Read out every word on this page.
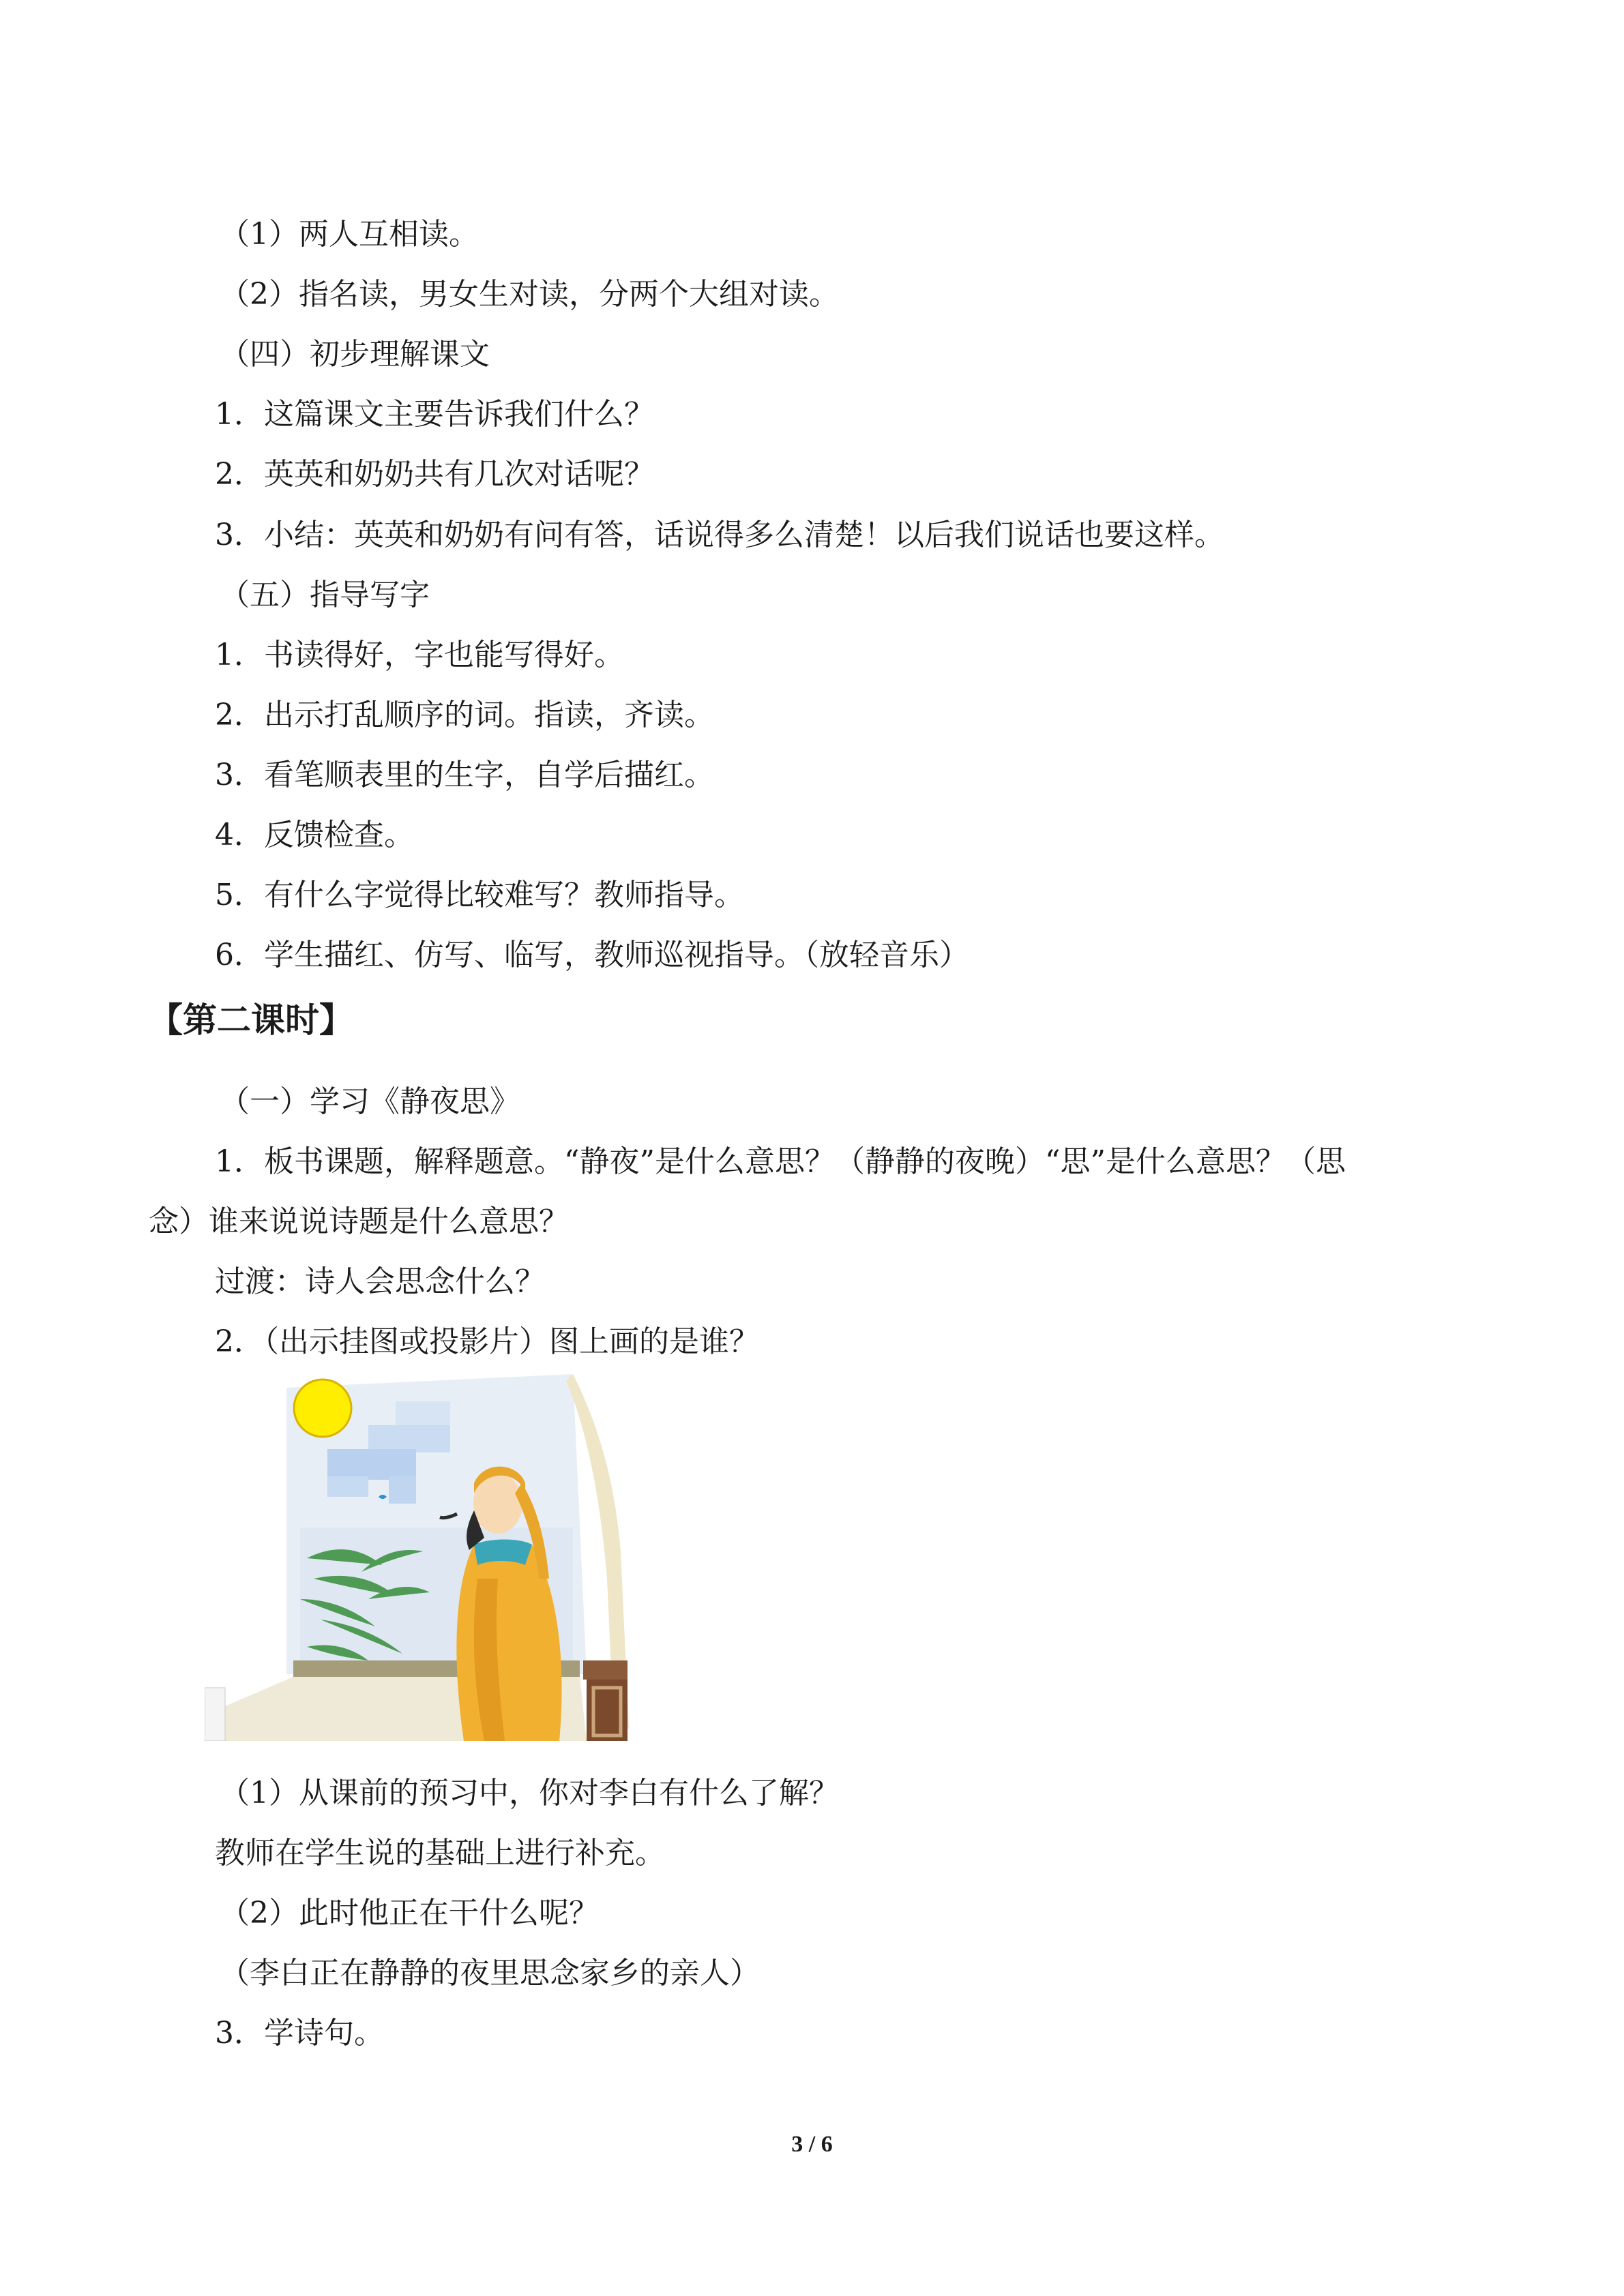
（1）两人互相读。
（2）指名读，男女生对读，分两个大组对读。
（四）初步理解课文
1．这篇课文主要告诉我们什么？
2．英英和奶奶共有几次对话呢？
3．小结：英英和奶奶有问有答，话说得多么清楚！以后我们说话也要这样。
（五）指导写字
1．书读得好，字也能写得好。
2．出示打乱顺序的词。指读，齐读。
3．看笔顺表里的生字，自学后描红。
4．反馈检查。
5．有什么字觉得比较难写？教师指导。
6．学生描红、仿写、临写，教师巡视指导。（放轻音乐）
【第二课时】
（一）学习《静夜思》
1．板书课题，解释题意。“静夜”是什么意思？（静静的夜晚）“思”是什么意思？（思
念）谁来说说诗题是什么意思？
过渡：诗人会思念什么？
2．（出示挂图或投影片）图上画的是谁？
（1）从课前的预习中，你对李白有什么了解？
教师在学生说的基础上进行补充。
（2）此时他正在干什么呢？
（李白正在静静的夜里思念家乡的亲人）
3．学诗句。
3 / 6
